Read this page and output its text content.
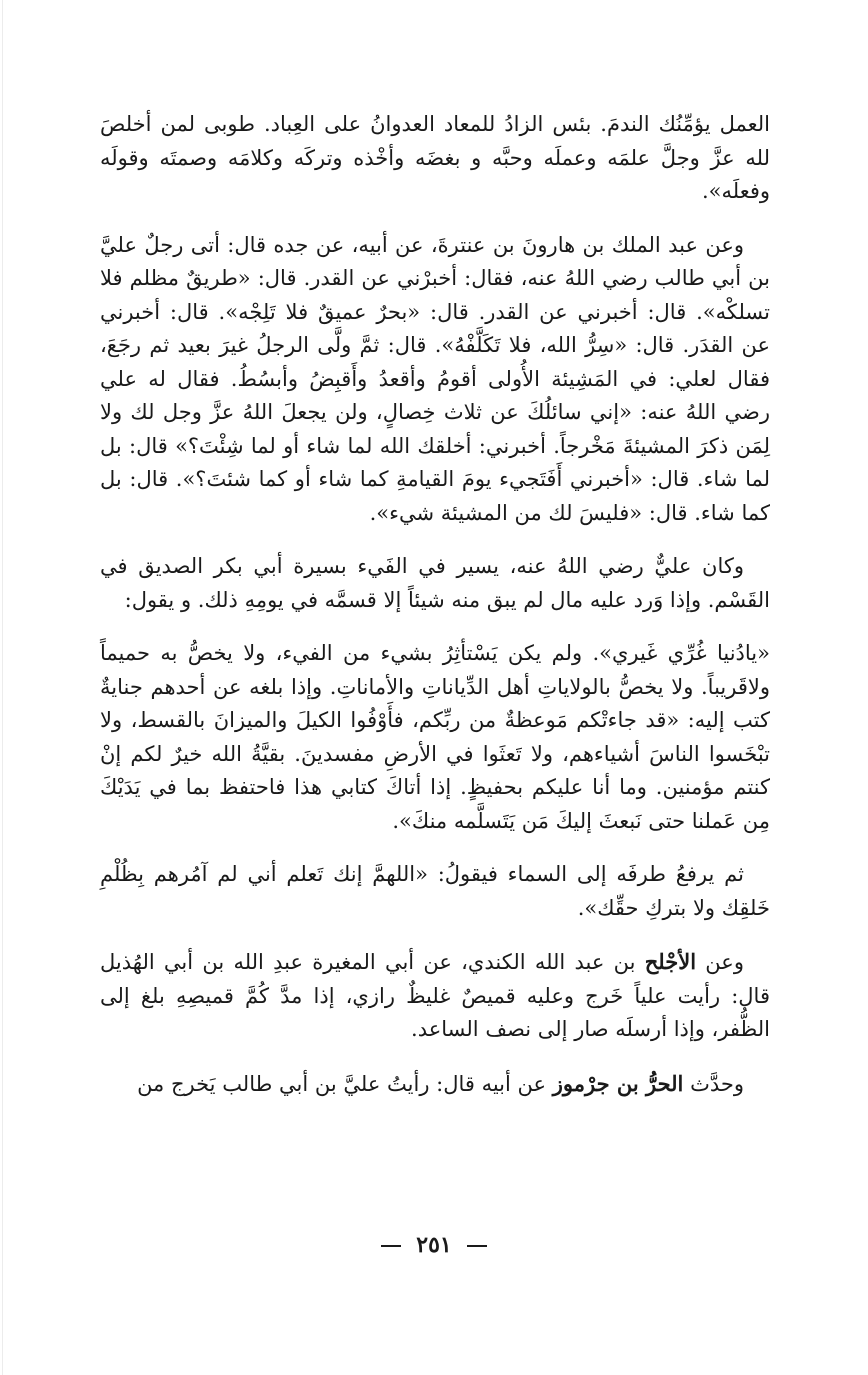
العمل يؤمِّنُك الندمَ. بئس الزادُ للمعاد العدوانُ على العِباد. طوبى لمن أخلصَ لله عزَّ وجلَّ علمَه وعملَه وحبَّه و بغضَه وأخْذه وتركَه وكلامَه وصمتَه وقولَه وفعلَه».

وعن عبد الملك بن هارونَ بن عنترةَ، عن أبيه، عن جده قال: أتى رجلٌ عليَّ بن أبي طالب رضي اللهُ عنه، فقال: أخبرْني عن القدر. قال: «طريقٌ مظلم فلا تسلكْه». قال: أخبرني عن القدر. قال: «بحرٌ عميقٌ فلا تَلِجْه». قال: أخبرني عن القدَر. قال: «سِرُّ الله، فلا تَكَلَّفْهُ». قال: ثمَّ ولَّى الرجلُ غيرَ بعيد ثم رجَعَ، فقال لعلي: في المَشِيئة الأُولى أقومُ وأقعدُ وأَقبِضُ وأبسُطُ. فقال له علي رضي اللهُ عنه: «إني سائلُكَ عن ثلاث خِصالٍ، ولن يجعلَ اللهُ عزَّ وجل لك ولا لِمَن ذكرَ المشيئةَ مَخْرجاً. أخبرني: أخلقك الله لما شاء أو لما شِئْتَ؟» قال: بل لما شاء. قال: «أخبرني أَفَتَجيء يومَ القيامةِ كما شاء أو كما شئتَ؟». قال: بل كما شاء. قال: «فليسَ لك من المشيئة شيء».

وكان عليٌّ رضي اللهُ عنه، يسير في الفَيء بسيرة أبي بكر الصديق في القَسْم. وإذا وَرد عليه مال لم يبق منه شيئاً إلا قسمَّه في يومِهِ ذلك. و يقول:

«يادُنيا غُرِّي غَيري». ولم يكن يَسْتأثِرُ بشيء من الفيء، ولا يخصُّ به حميماً ولاقَريباً. ولا يخصُّ بالولاياتِ أهل الدِّياناتِ والأماناتِ. وإذا بلغه عن أحدهم جنايةٌ كتب إليه: «قد جاءتْكم مَوعظةٌ من ربِّكم، فأَوْفُوا الكيلَ والميزانَ بالقسط، ولا تبْخَسوا الناسَ أشياءهم، ولا تَعثَوا في الأرضِ مفسدينَ. بقيَّةُ الله خيرٌ لكم إنْ كنتم مؤمنين. وما أنا عليكم بحفيظٍ. إذا أتاكَ كتابي هذا فاحتفظ بما في يَدَيْكَ مِن عَملنا حتى نَبعثَ إليكَ مَن يَتَسلَّمه منكَ».

ثم يرفعُ طرفَه إلى السماء فيقولُ: «اللهمَّ إنك تَعلم أني لم آمُرهم بِظُلْمِ خَلقِك ولا بتركِ حقِّك».

وعن الأجْلح بن عبد الله الكندي، عن أبي المغيرة عبدِ الله بن أبي الهُذيل قال: رأيت علياً خَرج وعليه قميصٌ غليظٌ رازي، إذا مدَّ كُمَّ قميصِهِ بلغ إلى الظُّفر، وإذا أرسلَه صار إلى نصف الساعد.

وحدَّث الحرُّ بن جرْموز عن أبيه قال: رأيتُ عليَّ بن أبي طالب يَخرج من

٢٥١
